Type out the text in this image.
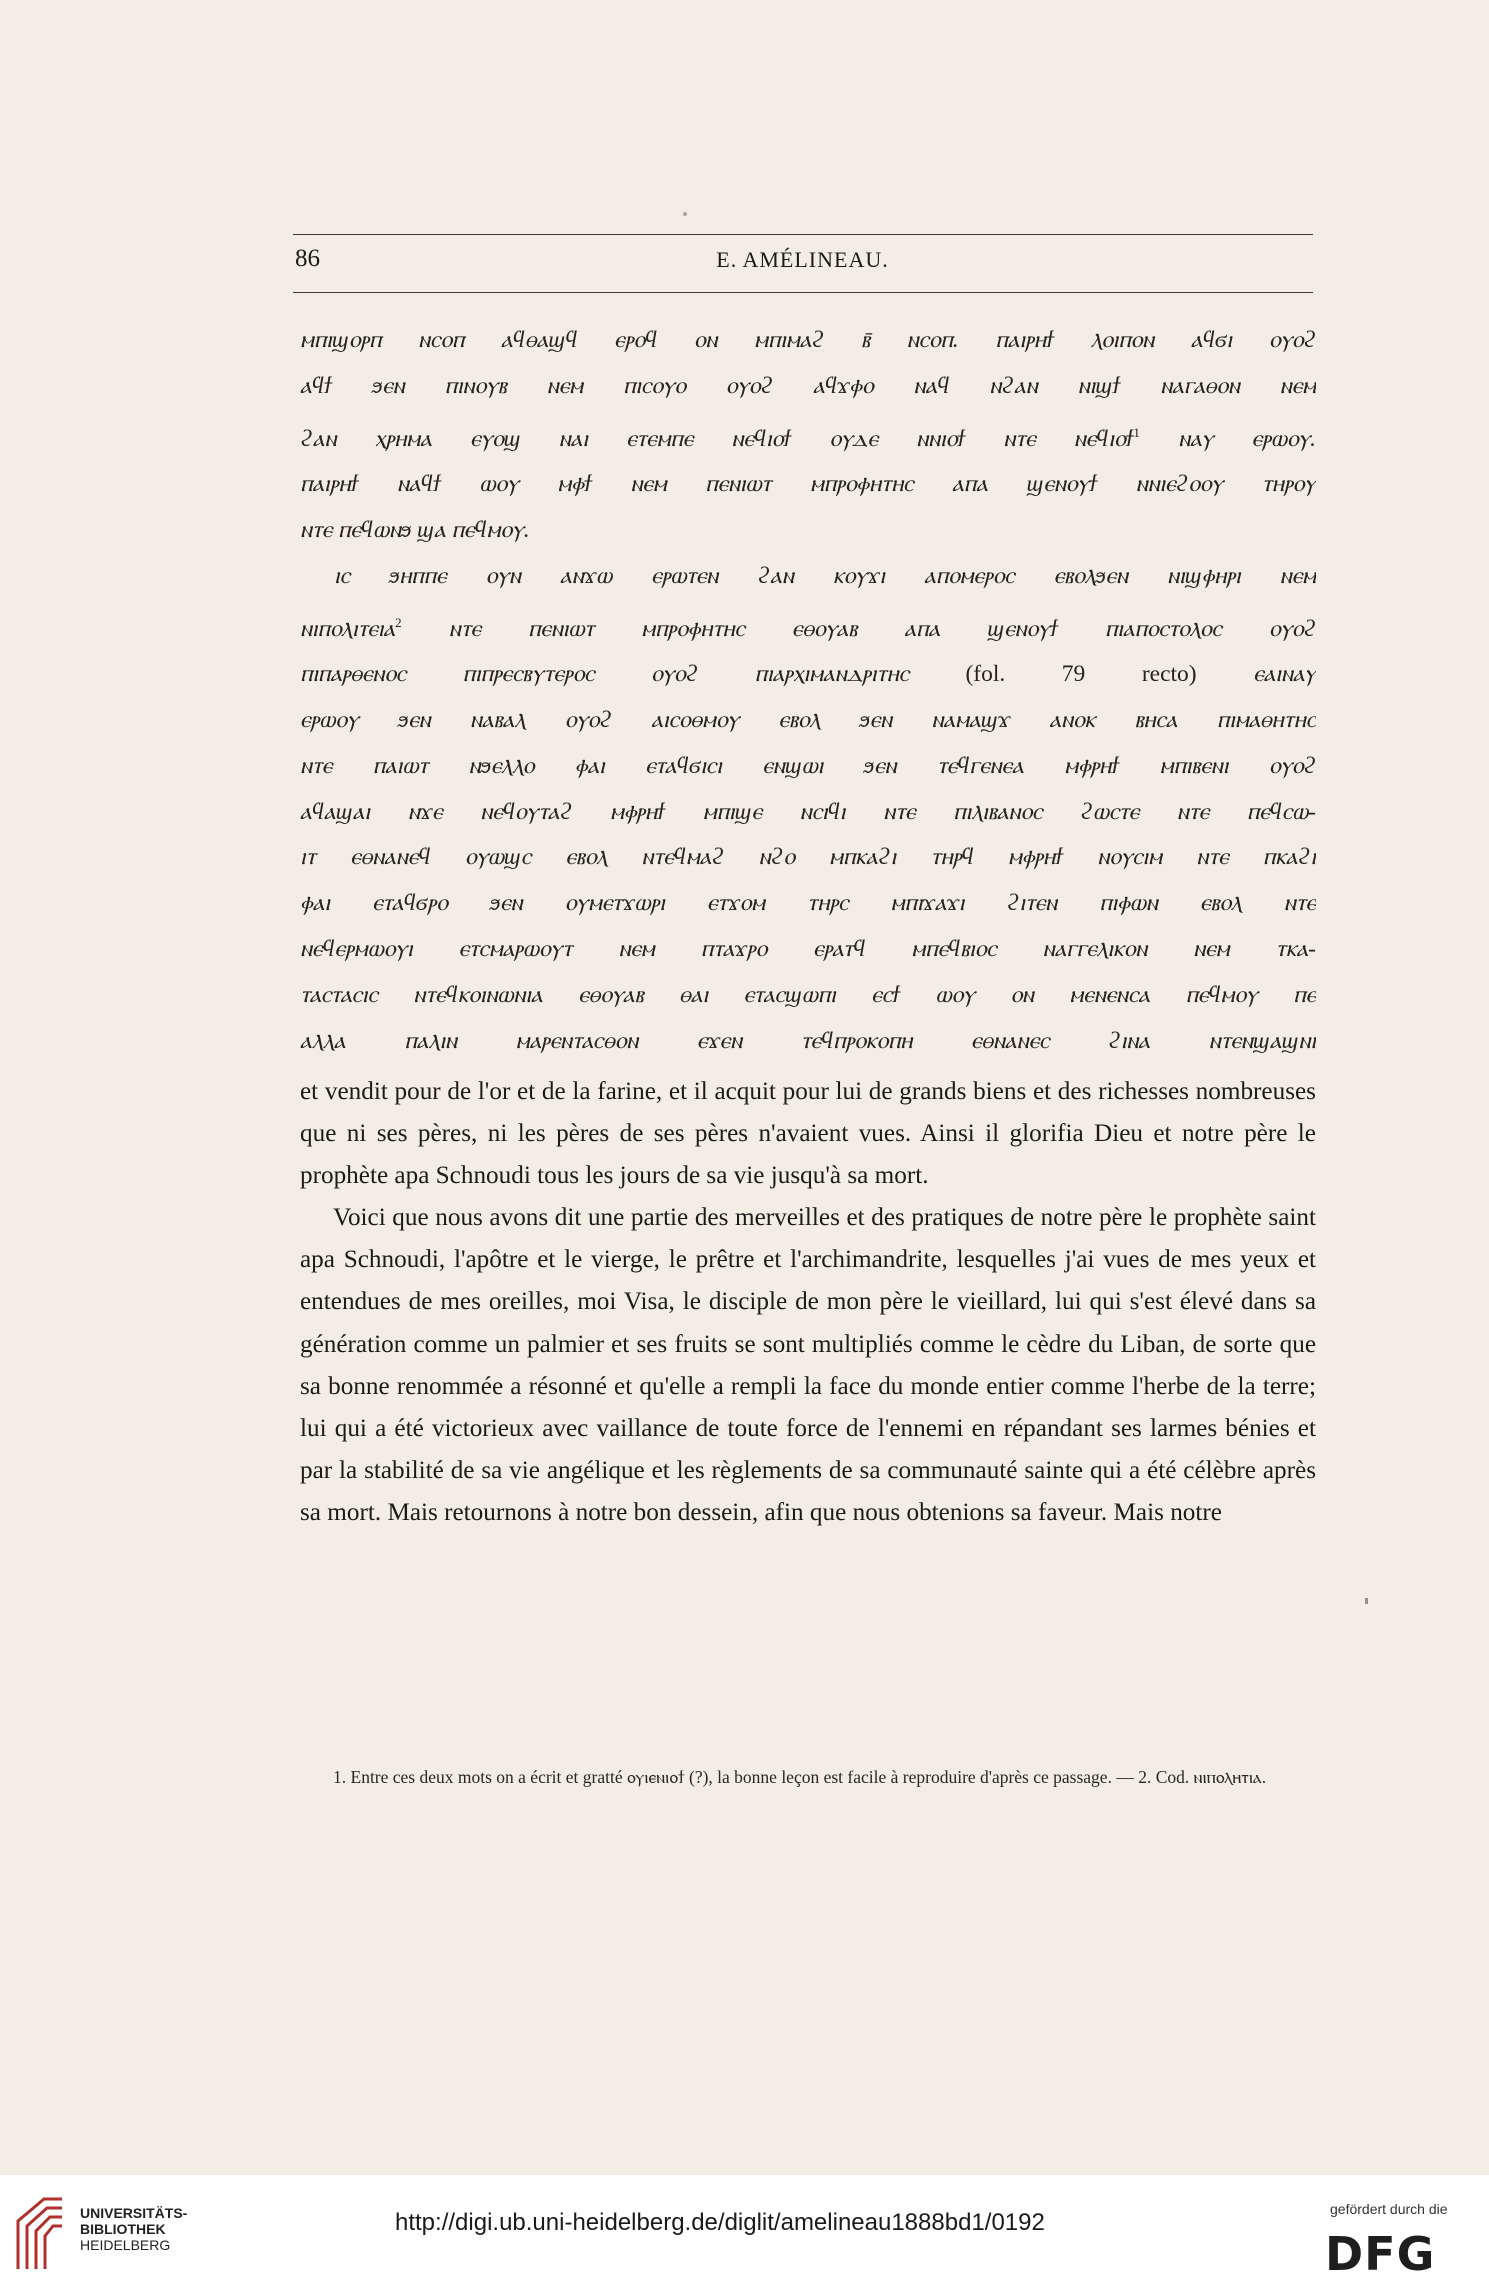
86	E. AMÉLINEAU.

ⲙⲡⲓϣⲟⲣⲡ ⲛⲥⲟⲡ ⲁϥⲑⲁϣϥ ⲉⲣⲟϥ ⲟⲛ ⲙⲡⲓⲙⲁϩ ⲃ̄ ⲛⲥⲟⲡ. ⲡⲁⲓⲣⲏϯ ⲗⲟⲓⲡⲟⲛ ⲁϥϭⲓ ⲟⲩⲟϩ

ⲁϥϯ ϧⲉⲛ ⲡⲓⲛⲟⲩⲃ ⲛⲉⲙ ⲡⲓⲥⲟⲩⲟ ⲟⲩⲟϩ ⲁϥϫⲫⲟ ⲛⲁϥ ⲛϩⲁⲛ ⲛⲓϣϯ ⲛⲁⲅⲁⲑⲟⲛ ⲛⲉⲙ

ϩⲁⲛ ⲭⲣⲏⲙⲁ ⲉⲩⲟϣ ⲛⲁⲓ ⲉⲧⲉⲙⲡⲉ ⲛⲉϥⲓⲟϯ ⲟⲩⲇⲉ ⲛⲛⲓⲟϯ ⲛⲧⲉ ⲛⲉϥⲓⲟϯ$^1$ ⲛⲁⲩ ⲉⲣⲱⲟⲩ.

ⲡⲁⲓⲣⲏϯ ⲛⲁϥϯ ⲱⲟⲩ ⲙⲫϯ ⲛⲉⲙ ⲡⲉⲛⲓⲱⲧ ⲙⲡⲣⲟⲫⲏⲧⲏⲥ ⲁⲡⲁ ϣⲉⲛⲟⲩϯ ⲛⲛⲓⲉϩⲟⲟⲩ ⲧⲏⲣⲟⲩ

ⲛⲧⲉ ⲡⲉϥⲱⲛϧ ϣⲁ ⲡⲉϥⲙⲟⲩ.

ⲓⲥ ϧⲏⲡⲡⲉ ⲟⲩⲛ ⲁⲛϫⲱ ⲉⲣⲱⲧⲉⲛ ϩⲁⲛ ⲕⲟⲩϫⲓ ⲁⲡⲟⲙⲉⲣⲟⲥ ⲉⲃⲟⲗϧⲉⲛ ⲛⲓϣⲫⲏⲣⲓ ⲛⲉⲙ

ⲛⲓⲡⲟⲗⲓⲧⲉⲓⲁ$^2$ ⲛⲧⲉ ⲡⲉⲛⲓⲱⲧ ⲙⲡⲣⲟⲫⲏⲧⲏⲥ ⲉⲑⲟⲩⲁⲃ ⲁⲡⲁ ϣⲉⲛⲟⲩϯ ⲡⲓⲁⲡⲟⲥⲧⲟⲗⲟⲥ ⲟⲩⲟϩ

ⲡⲓⲡⲁⲣⲑⲉⲛⲟⲥ ⲡⲓⲡⲣⲉⲥⲃⲩⲧⲉⲣⲟⲥ ⲟⲩⲟϩ ⲡⲓⲁⲣⲭⲓⲙⲁⲛⲇⲣⲓⲧⲏⲥ (fol. 79 recto) ⲉⲁⲓⲛⲁⲩ

ⲉⲣⲱⲟⲩ ϧⲉⲛ ⲛⲁⲃⲁⲗ ⲟⲩⲟϩ ⲁⲓⲥⲟⲑⲙⲟⲩ ⲉⲃⲟⲗ ϧⲉⲛ ⲛⲁⲙⲁϣϫ ⲁⲛⲟⲕ ⲃⲏⲥⲁ ⲡⲓⲙⲁⲑⲏⲧⲏⲥ

ⲛⲧⲉ ⲡⲁⲓⲱⲧ ⲛϧⲉⲗⲗⲟ ⲫⲁⲓ ⲉⲧⲁϥϭⲓⲥⲓ ⲉⲛϣⲱⲓ ϧⲉⲛ ⲧⲉϥⲅⲉⲛⲉⲁ ⲙⲫⲣⲏϯ ⲙⲡⲓⲃⲉⲛⲓ ⲟⲩⲟϩ

ⲁϥⲁϣⲁⲓ ⲛϫⲉ ⲛⲉϥⲟⲩⲧⲁϩ ⲙⲫⲣⲏϯ ⲙⲡⲓϣⲉ ⲛⲥⲓϥⲓ ⲛⲧⲉ ⲡⲓⲗⲓⲃⲁⲛⲟⲥ ϩⲱⲥⲧⲉ ⲛⲧⲉ ⲡⲉϥⲥⲱ-

ⲓⲧ ⲉⲑⲛⲁⲛⲉϥ ⲟⲩⲱϣⲥ ⲉⲃⲟⲗ ⲛⲧⲉϥⲙⲁϩ ⲛϩⲟ ⲙⲡⲕⲁϩⲓ ⲧⲏⲣϥ ⲙⲫⲣⲏϯ ⲛⲟⲩⲥⲓⲙ ⲛⲧⲉ ⲡⲕⲁϩⲓ

ⲫⲁⲓ ⲉⲧⲁϥϭⲣⲟ ϧⲉⲛ ⲟⲩⲙⲉⲧϫⲱⲣⲓ ⲉⲧϫⲟⲙ ⲧⲏⲣⲥ ⲙⲡⲓϫⲁϫⲓ ϩⲓⲧⲉⲛ ⲡⲓⲫⲱⲛ ⲉⲃⲟⲗ ⲛⲧⲉ

ⲛⲉϥⲉⲣⲙⲱⲟⲩⲓ ⲉⲧⲥⲙⲁⲣⲱⲟⲩⲧ ⲛⲉⲙ ⲡⲧⲁϫⲣⲟ ⲉⲣⲁⲧϥ ⲙⲡⲉϥⲃⲓⲟⲥ ⲛⲁⲅⲅⲉⲗⲓⲕⲟⲛ ⲛⲉⲙ ⲧⲕⲁ-

ⲧⲁⲥⲧⲁⲥⲓⲥ ⲛⲧⲉϥⲕⲟⲓⲛⲱⲛⲓⲁ ⲉⲑⲟⲩⲁⲃ ⲑⲁⲓ ⲉⲧⲁⲥϣⲱⲡⲓ ⲉⲥϯ ⲱⲟⲩ ⲟⲛ ⲙⲉⲛⲉⲛⲥⲁ ⲡⲉϥⲙⲟⲩ ⲡⲉ

ⲁⲗⲗⲁ ⲡⲁⲗⲓⲛ ⲙⲁⲣⲉⲛⲧⲁⲥⲑⲟⲛ ⲉϫⲉⲛ ⲧⲉϥⲡⲣⲟⲕⲟⲡⲏ ⲉⲑⲛⲁⲛⲉⲥ ϩⲓⲛⲁ ⲛⲧⲉⲛϣⲁϣⲛⲓ

et vendit pour de l'or et de la farine, et il acquit pour lui de grands biens et des richesses nombreuses que ni ses pères, ni les pères de ses pères n'avaient vues. Ainsi il glorifia Dieu et notre père le prophète apa Schnoudi tous les jours de sa vie jusqu'à sa mort.

Voici que nous avons dit une partie des merveilles et des pratiques de notre père le prophète saint apa Schnoudi, l'apôtre et le vierge, le prêtre et l'archimandrite, lesquelles j'ai vues de mes yeux et entendues de mes oreilles, moi Visa, le disciple de mon père le vieillard, lui qui s'est élevé dans sa génération comme un palmier et ses fruits se sont multipliés comme le cèdre du Liban, de sorte que sa bonne renommée a résonné et qu'elle a rempli la face du monde entier comme l'herbe de la terre; lui qui a été victorieux avec vaillance de toute force de l'ennemi en répandant ses larmes bénies et par la stabilité de sa vie angélique et les règlements de sa communauté sainte qui a été célèbre après sa mort. Mais retournons à notre bon dessein, afin que nous obtenions sa faveur. Mais notre

1. Entre ces deux mots on a écrit et gratté ⲟⲩⲓⲉⲛⲓⲟϯ (?), la bonne leçon est facile à reproduire d'après ce passage. — 2. Cod. ⲛⲓⲡⲟⲗⲏⲧⲓⲁ.

UNIVERSITÄTS-
BIBLIOTHEK
HEIDELBERG
http://digi.ub.uni-heidelberg.de/diglit/amelineau1888bd1/0192	gefördert durch die
DFG
